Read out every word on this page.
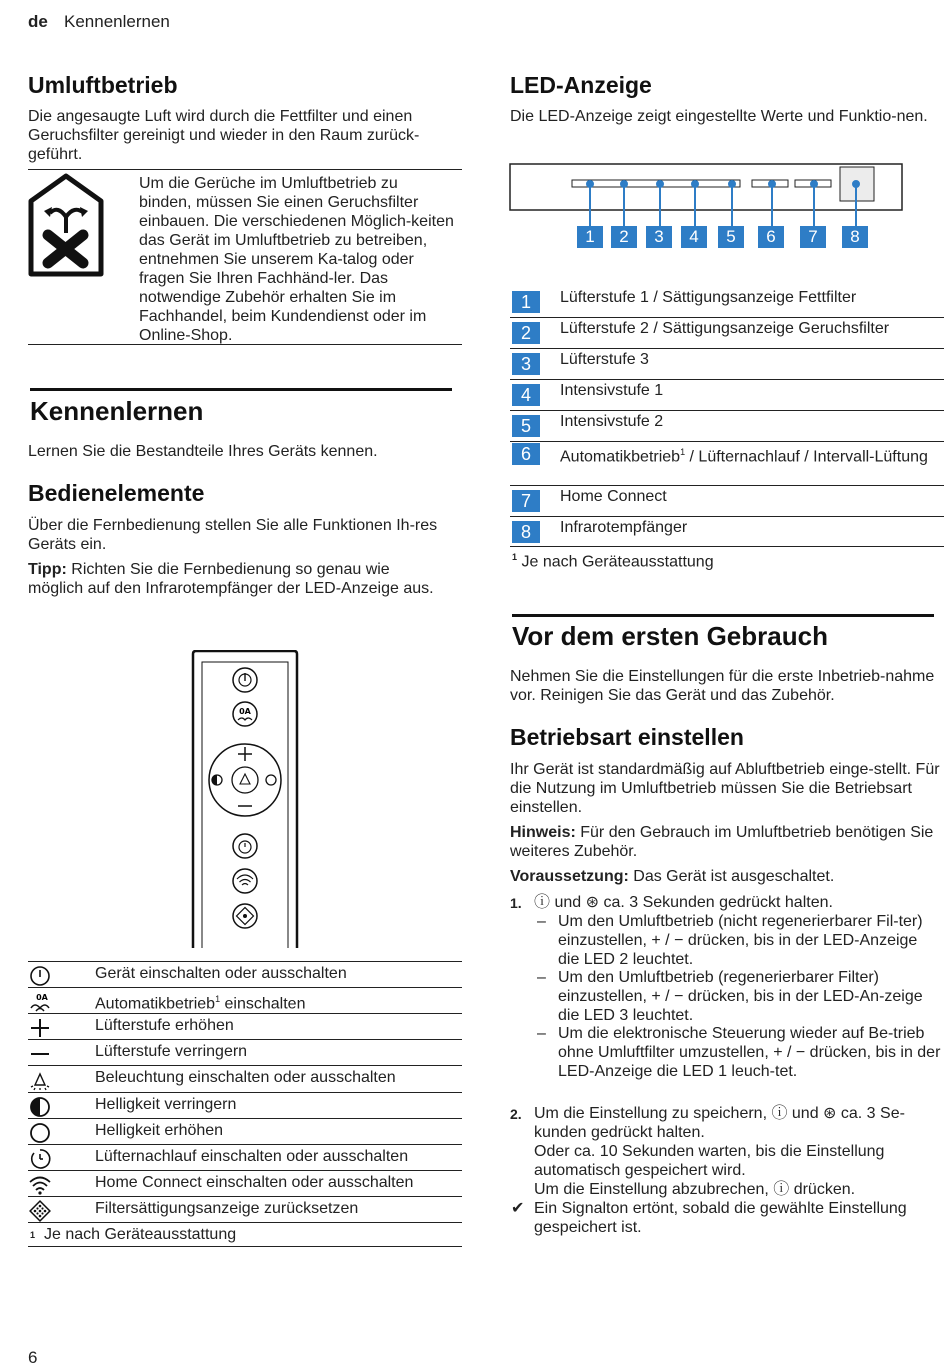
de Kennenlernen
Umluftbetrieb

Die angesaugte Luft wird durch die Fettfilter und einen Geruchsfilter gereinigt und wieder in den Raum zurück-geführt.

Um die Gerüche im Umluftbetrieb zu binden, müssen Sie einen Geruchsfilter einbauen. Die verschiedenen Möglich-keiten das Gerät im Umluftbetrieb zu betreiben, entnehmen Sie unserem Ka-talog oder fragen Sie Ihren Fachhänd-ler. Das notwendige Zubehör erhalten Sie im Fachhandel, beim Kundendienst oder im Online-Shop.

Kennenlernen

Lernen Sie die Bestandteile Ihres Geräts kennen.

Bedienelemente

Über die Fernbedienung stellen Sie alle Funktionen Ih-res Geräts ein.

Tipp: Richten Sie die Fernbedienung so genau wie möglich auf den Infrarotempfänger der LED-Anzeige aus.

0A
Gerät einschalten oder ausschalten
0A	Automatikbetrieb$^1$ einschalten
Lüfterstufe erhöhen
Lüfterstufe verringern
Beleuchtung einschalten oder ausschalten
Helligkeit verringern
Helligkeit erhöhen
Lüfternachlauf einschalten oder ausschalten
Home Connect einschalten oder ausschalten
Filtersättigungsanzeige zurücksetzen
1 Je nach Geräteausstattung
LED-Anzeige

Die LED-Anzeige zeigt eingestellte Werte und Funktio-nen.

1	2	3	4	5	6	7	8
1	Lüfterstufe 1 / Sättigungsanzeige Fettfilter
2	Lüfterstufe 2 / Sättigungsanzeige Geruchsfilter
3	Lüfterstufe 3
4	Intensivstufe 1
5	Intensivstufe 2
6	Automatikbetrieb$^1$ / Lüfternachlauf / Intervall-Lüftung
7	Home Connect
8	Infrarotempfänger

$^1$ Je nach Geräteausstattung

Vor dem ersten Gebrauch

Nehmen Sie die Einstellungen für die erste Inbetrieb-nahme vor. Reinigen Sie das Gerät und das Zubehör.

Betriebsart einstellen

Ihr Gerät ist standardmäßig auf Abluftbetrieb einge-stellt. Für die Nutzung im Umluftbetrieb müssen Sie die Betriebsart einstellen.

Hinweis: Für den Gebrauch im Umluftbetrieb benötigen Sie weiteres Zubehör.

Voraussetzung: Das Gerät ist ausgeschaltet.

1. ⓘ und ⊛ ca. 3 Sekunden gedrückt halten.

– Um den Umluftbetrieb (nicht regenerierbarer Fil-ter) einzustellen, + / − drücken, bis in der LED-Anzeige die LED 2 leuchtet.

– Um den Umluftbetrieb (regenerierbarer Filter) einzustellen, + / − drücken, bis in der LED-An-zeige die LED 3 leuchtet.

– Um die elektronische Steuerung wieder auf Be-trieb ohne Umluftfilter umzustellen, + / − drücken, bis in der LED-Anzeige die LED 1 leuch-tet.

2. Um die Einstellung zu speichern, ⓘ und ⊛ ca. 3 Se-kunden gedrückt halten.
Oder ca. 10 Sekunden warten, bis die Einstellung automatisch gespeichert wird.
Um die Einstellung abzubrechen, ⓘ drücken.

✔ Ein Signalton ertönt, sobald die gewählte Einstellung gespeichert ist.

6
